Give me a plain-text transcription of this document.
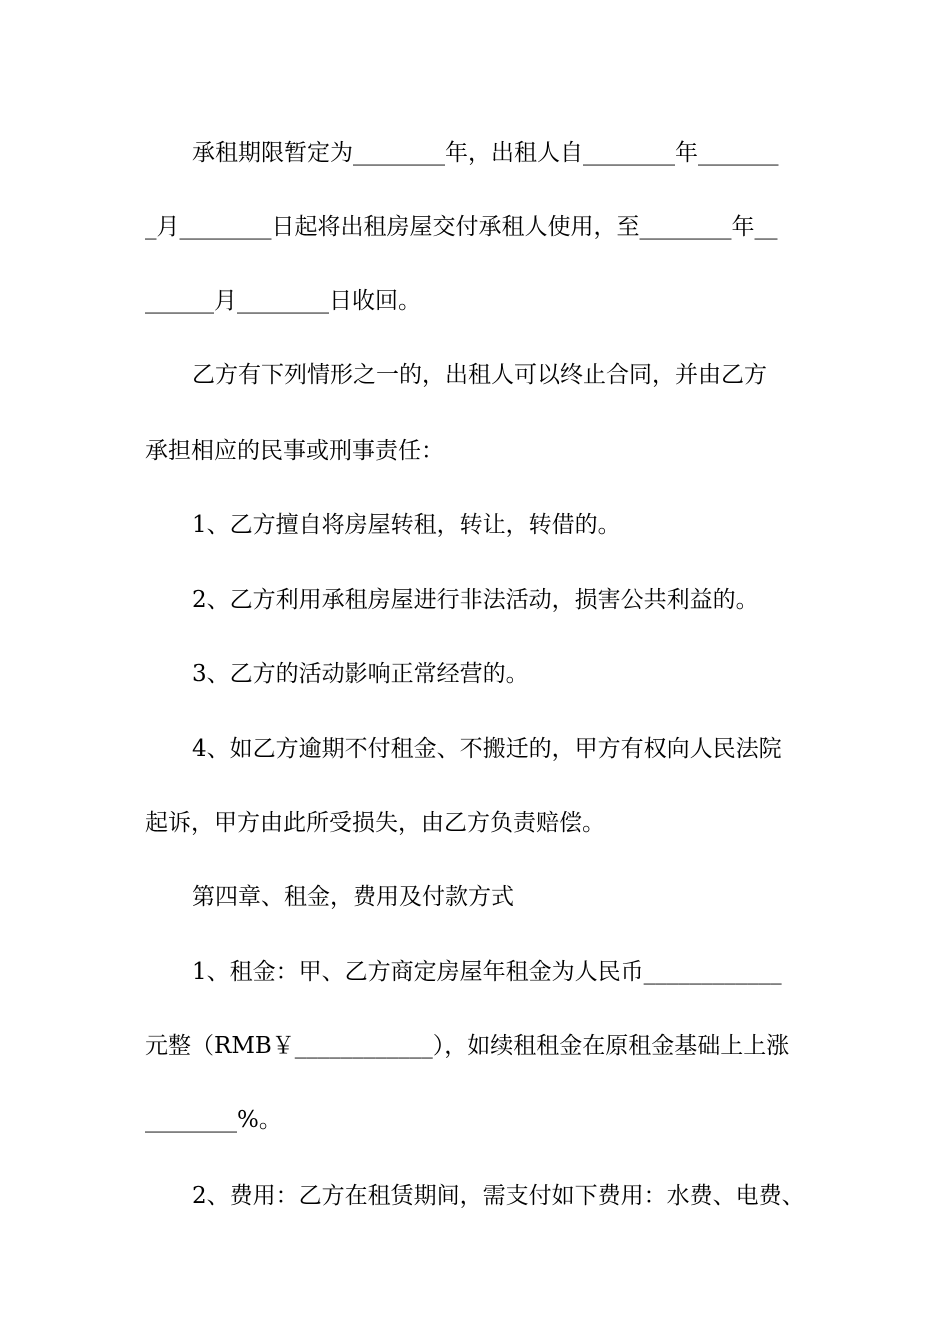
承租期限暂定为________年，出租人自________年_______
_月________日起将出租房屋交付承租人使用，至________年__
______月________日收回。
乙方有下列情形之一的，出租人可以终止合同，并由乙方
承担相应的民事或刑事责任：
1、乙方擅自将房屋转租，转让，转借的。
2、乙方利用承租房屋进行非法活动，损害公共利益的。
3、乙方的活动影响正常经营的。
4、如乙方逾期不付租金、不搬迁的，甲方有权向人民法院
起诉，甲方由此所受损失，由乙方负责赔偿。
第四章、租金，费用及付款方式
1、租金：甲、乙方商定房屋年租金为人民币____________
元整（RMB￥____________），如续租租金在原租金基础上上涨
________%。
2、费用：乙方在租赁期间，需支付如下费用：水费、电费、
